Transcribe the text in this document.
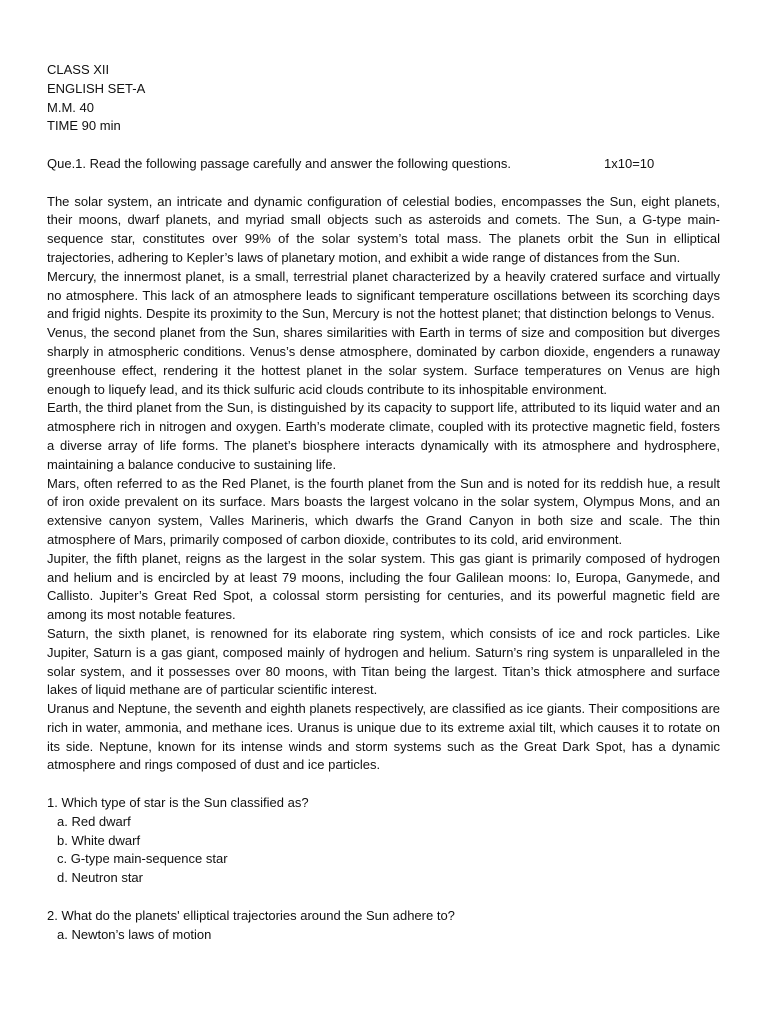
CLASS XII
ENGLISH SET-A
M.M. 40
TIME 90 min
Que.1. Read the following passage carefully and answer the following questions.	1x10=10
The solar system, an intricate and dynamic configuration of celestial bodies, encompasses the Sun, eight planets, their moons, dwarf planets, and myriad small objects such as asteroids and comets. The Sun, a G-type main-sequence star, constitutes over 99% of the solar system’s total mass. The planets orbit the Sun in elliptical trajectories, adhering to Kepler’s laws of planetary motion, and exhibit a wide range of distances from the Sun.
Mercury, the innermost planet, is a small, terrestrial planet characterized by a heavily cratered surface and virtually no atmosphere. This lack of an atmosphere leads to significant temperature oscillations between its scorching days and frigid nights. Despite its proximity to the Sun, Mercury is not the hottest planet; that distinction belongs to Venus.
Venus, the second planet from the Sun, shares similarities with Earth in terms of size and composition but diverges sharply in atmospheric conditions. Venus’s dense atmosphere, dominated by carbon dioxide, engenders a runaway greenhouse effect, rendering it the hottest planet in the solar system. Surface temperatures on Venus are high enough to liquefy lead, and its thick sulfuric acid clouds contribute to its inhospitable environment.
Earth, the third planet from the Sun, is distinguished by its capacity to support life, attributed to its liquid water and an atmosphere rich in nitrogen and oxygen. Earth’s moderate climate, coupled with its protective magnetic field, fosters a diverse array of life forms. The planet’s biosphere interacts dynamically with its atmosphere and hydrosphere, maintaining a balance conducive to sustaining life.
Mars, often referred to as the Red Planet, is the fourth planet from the Sun and is noted for its reddish hue, a result of iron oxide prevalent on its surface. Mars boasts the largest volcano in the solar system, Olympus Mons, and an extensive canyon system, Valles Marineris, which dwarfs the Grand Canyon in both size and scale. The thin atmosphere of Mars, primarily composed of carbon dioxide, contributes to its cold, arid environment.
Jupiter, the fifth planet, reigns as the largest in the solar system. This gas giant is primarily composed of hydrogen and helium and is encircled by at least 79 moons, including the four Galilean moons: Io, Europa, Ganymede, and Callisto. Jupiter’s Great Red Spot, a colossal storm persisting for centuries, and its powerful magnetic field are among its most notable features.
Saturn, the sixth planet, is renowned for its elaborate ring system, which consists of ice and rock particles. Like Jupiter, Saturn is a gas giant, composed mainly of hydrogen and helium. Saturn’s ring system is unparalleled in the solar system, and it possesses over 80 moons, with Titan being the largest. Titan’s thick atmosphere and surface lakes of liquid methane are of particular scientific interest.
Uranus and Neptune, the seventh and eighth planets respectively, are classified as ice giants. Their compositions are rich in water, ammonia, and methane ices. Uranus is unique due to its extreme axial tilt, which causes it to rotate on its side. Neptune, known for its intense winds and storm systems such as the Great Dark Spot, has a dynamic atmosphere and rings composed of dust and ice particles.
1. Which type of star is the Sun classified as?
a. Red dwarf
b. White dwarf
c. G-type main-sequence star
d. Neutron star
2. What do the planets' elliptical trajectories around the Sun adhere to?
a. Newton’s laws of motion
